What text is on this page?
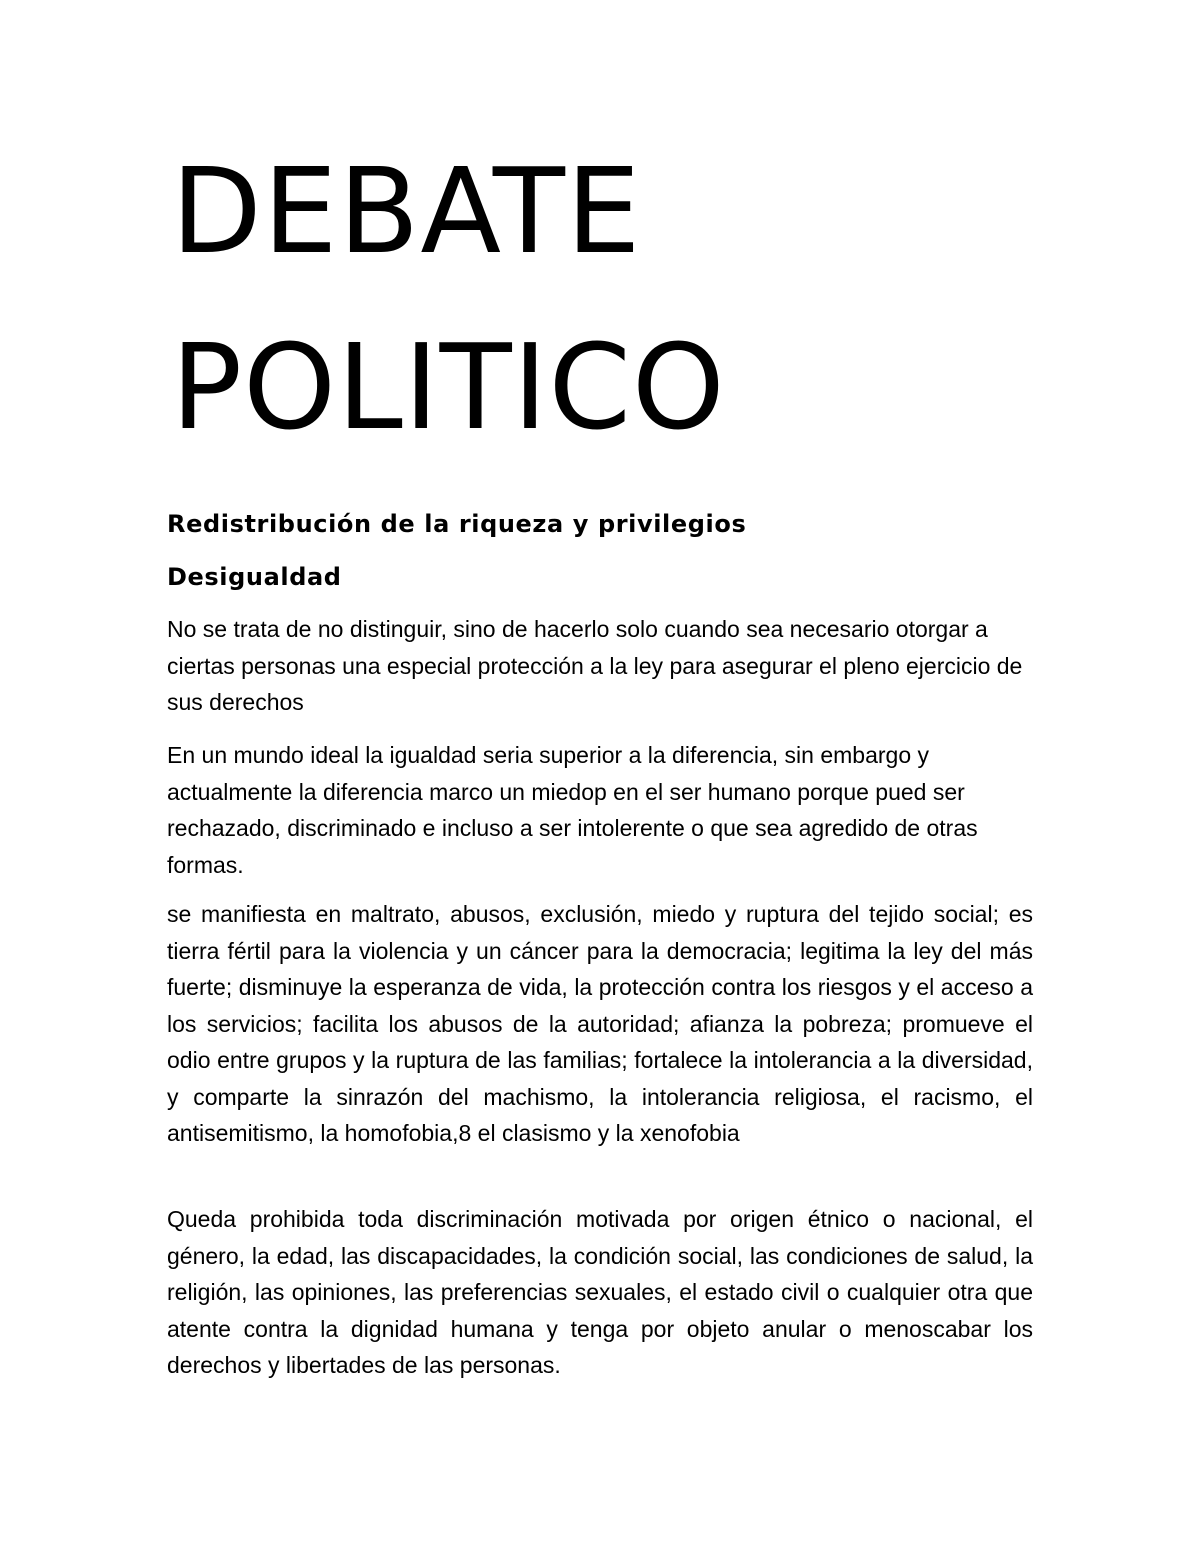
DEBATE
POLITICO
Redistribución de la riqueza y privilegios
Desigualdad

No se trata de no distinguir, sino de hacerlo solo cuando sea necesario otorgar a ciertas personas una especial protección a la ley para asegurar el pleno ejercicio de sus derechos

En un mundo ideal la igualdad seria superior a la diferencia, sin embargo y actualmente la diferencia marco un miedop en el ser humano porque pued ser rechazado, discriminado e incluso a ser intolerente o que sea agredido de otras formas.

se manifiesta en maltrato, abusos, exclusión, miedo y ruptura del tejido social; es tierra fértil para la violencia y un cáncer para la democracia; legitima la ley del más fuerte; disminuye la esperanza de vida, la protección contra los riesgos y el acceso a los servicios; facilita los abusos de la autoridad; afianza la pobreza; promueve el odio entre grupos y la ruptura de las familias; fortalece la intolerancia a la diversidad, y comparte la sinrazón del machismo, la intolerancia religiosa, el racismo, el antisemitismo, la homofobia,8 el clasismo y la xenofobia

Queda prohibida toda discriminación motivada por origen étnico o nacional, el género, la edad, las discapacidades, la condición social, las condiciones de salud, la religión, las opiniones, las preferencias sexuales, el estado civil o cualquier otra que atente contra la dignidad humana y tenga por objeto anular o menoscabar los derechos y libertades de las personas.
